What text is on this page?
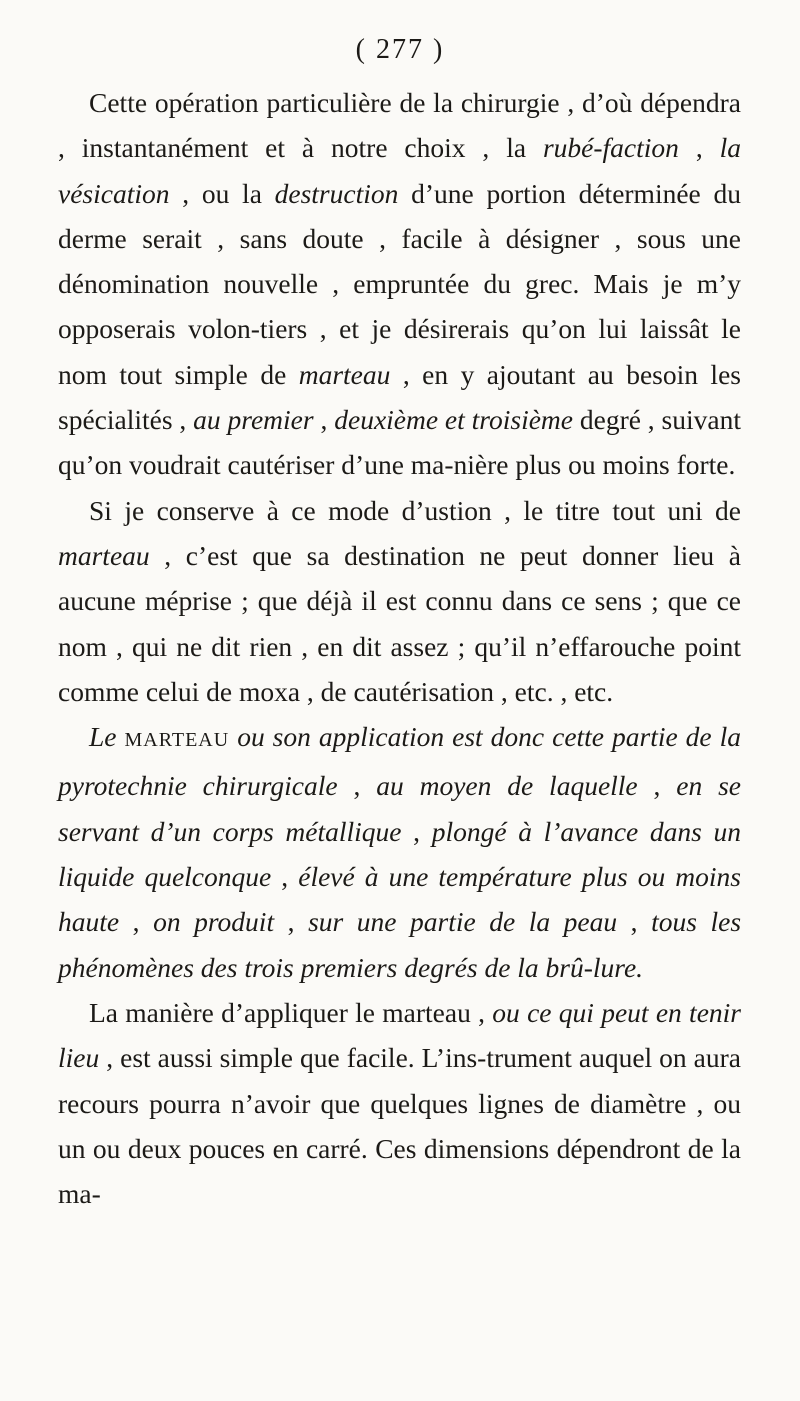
( 277 )

Cette opération particulière de la chirurgie , d’où dépendra , instantanément et à notre choix , la rubé-faction , la vésication , ou la destruction d’une portion déterminée du derme serait , sans doute , facile à désigner , sous une dénomination nouvelle , empruntée du grec. Mais je m’y opposerais volon-tiers , et je désirerais qu’on lui laissât le nom tout simple de marteau , en y ajoutant au besoin les spécialités , au premier , deuxième et troisième degré , suivant qu’on voudrait cautériser d’une ma-nière plus ou moins forte.

Si je conserve à ce mode d’ustion , le titre tout uni de marteau , c’est que sa destination ne peut donner lieu à aucune méprise ; que déjà il est connu dans ce sens ; que ce nom , qui ne dit rien , en dit assez ; qu’il n’effarouche point comme celui de moxa , de cautérisation , etc. , etc.

Le MARTEAU ou son application est donc cette partie de la pyrotechnie chirurgicale , au moyen de laquelle , en se servant d’un corps métallique , plongé à l’avance dans un liquide quelconque , élevé à une température plus ou moins haute , on produit , sur une partie de la peau , tous les phénomènes des trois premiers degrés de la brû-lure.

La manière d’appliquer le marteau , ou ce qui peut en tenir lieu , est aussi simple que facile. L’ins-trument auquel on aura recours pourra n’avoir que quelques lignes de diamètre , ou un ou deux pouces en carré. Ces dimensions dépendront de la ma-
